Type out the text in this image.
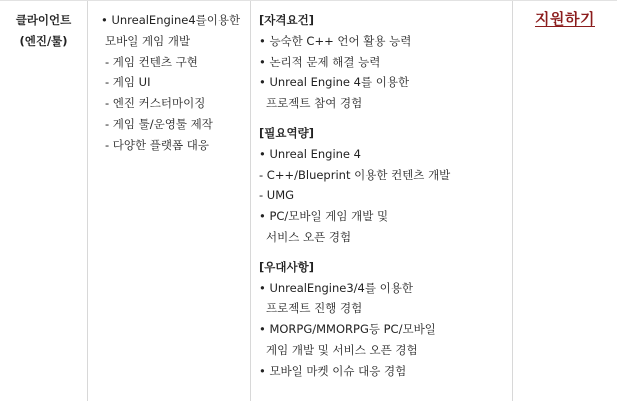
클라이언트
(엔진/툴)
• UnrealEngine4를이용한
모바일 게임 개발
- 게임 컨텐츠 구현
- 게임 UI
- 엔진 커스터마이징
- 게임 툴/운영툴 제작
- 다양한 플랫폼 대응
[자격요건]
• 능숙한 C++ 언어 활용 능력
• 논리적 문제 해결 능력
• Unreal Engine 4를 이용한
프로젝트 참여 경험
[필요역량]
• Unreal Engine 4
- C++/Blueprint 이용한 컨텐츠 개발
- UMG
• PC/모바일 게임 개발 및
서비스 오픈 경험
[우대사항]
• UnrealEngine3/4를 이용한
프로젝트 진행 경험
• MORPG/MMORPG등 PC/모바일
게임 개발 및 서비스 오픈 경험
• 모바일 마켓 이슈 대응 경험
지원하기
